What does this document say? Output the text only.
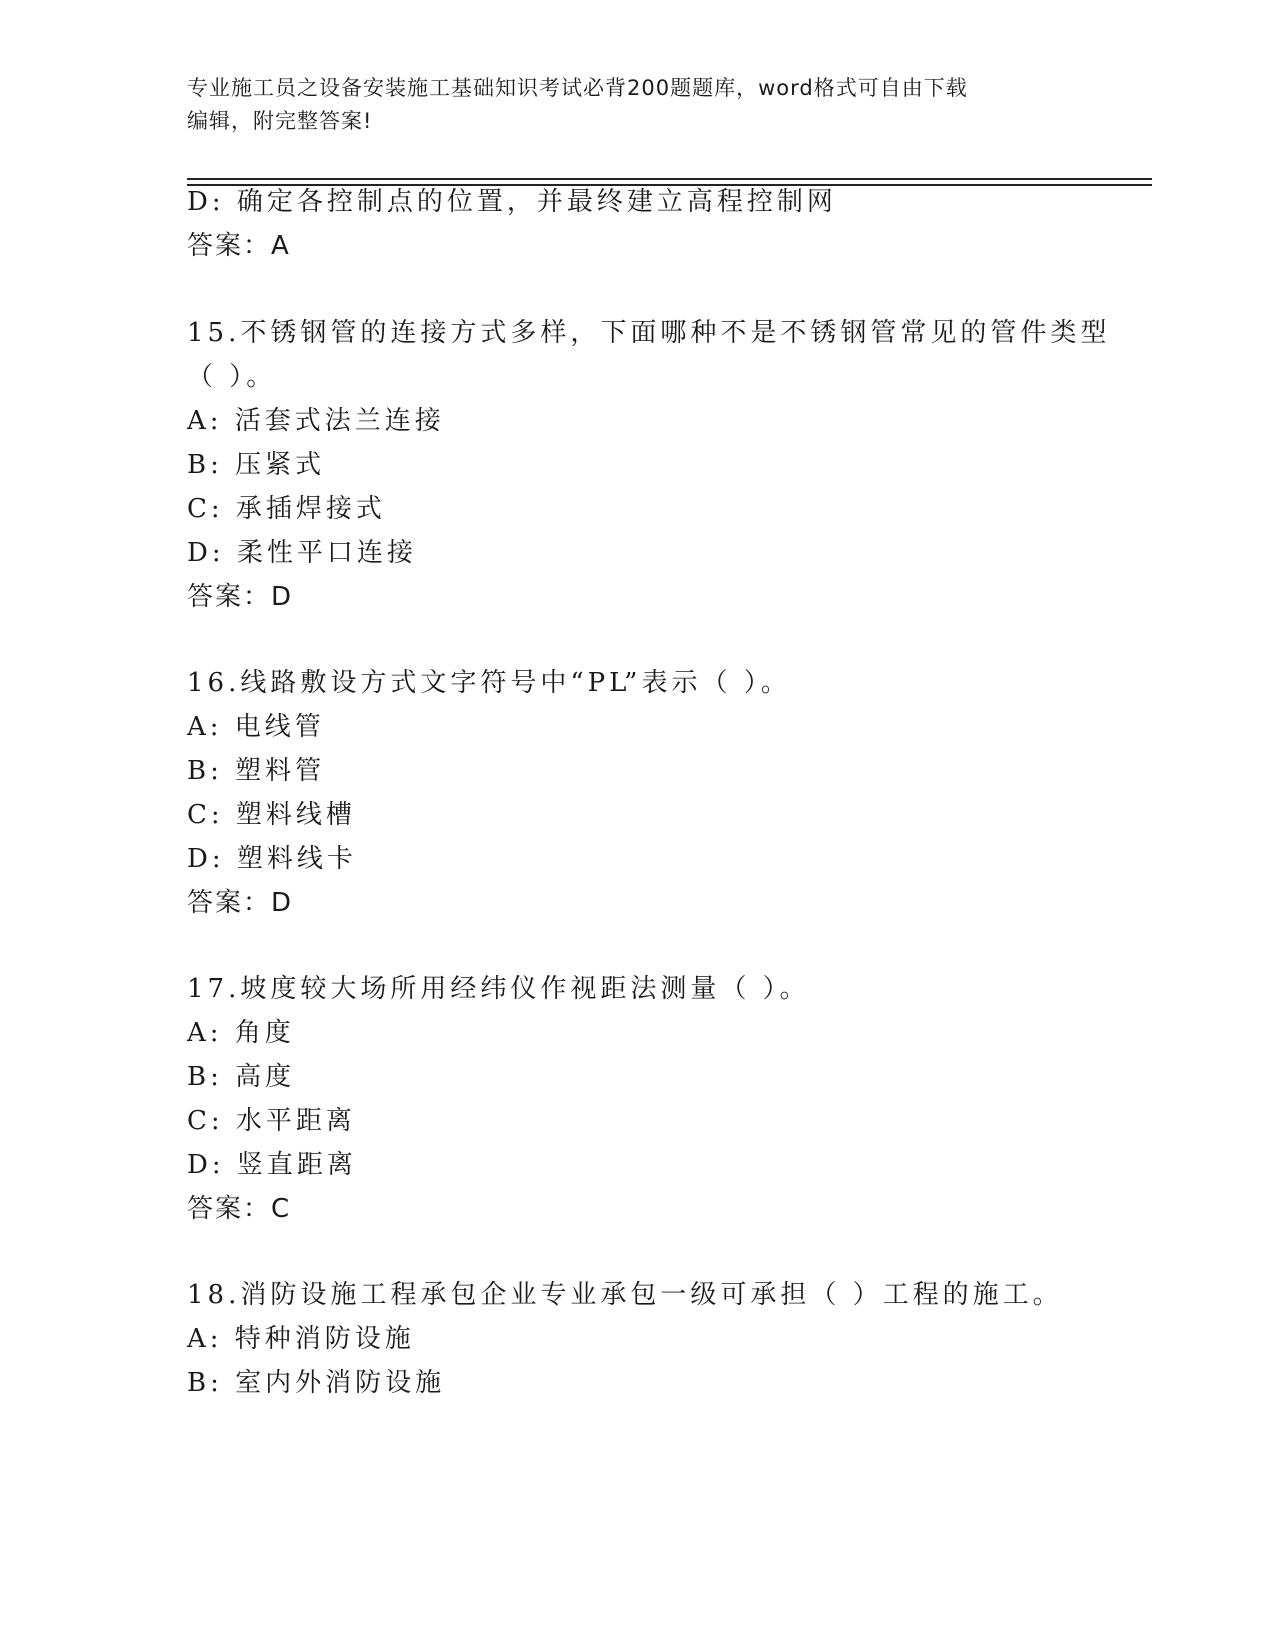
专业施工员之设备安装施工基础知识考试必背200题题库，word格式可自由下载
编辑，附完整答案!
D: 确定各控制点的位置，并最终建立高程控制网
答案：A
15.不锈钢管的连接方式多样，下面哪种不是不锈钢管常见的管件类型
（ ）。
A: 活套式法兰连接
B: 压紧式
C: 承插焊接式
D: 柔性平口连接
答案：D
16.线路敷设方式文字符号中“PL”表示（ ）。
A: 电线管
B: 塑料管
C: 塑料线槽
D: 塑料线卡
答案：D
17.坡度较大场所用经纬仪作视距法测量（ ）。
A: 角度
B: 高度
C: 水平距离
D: 竖直距离
答案：C
18.消防设施工程承包企业专业承包一级可承担（ ）工程的施工。
A: 特种消防设施
B: 室内外消防设施
